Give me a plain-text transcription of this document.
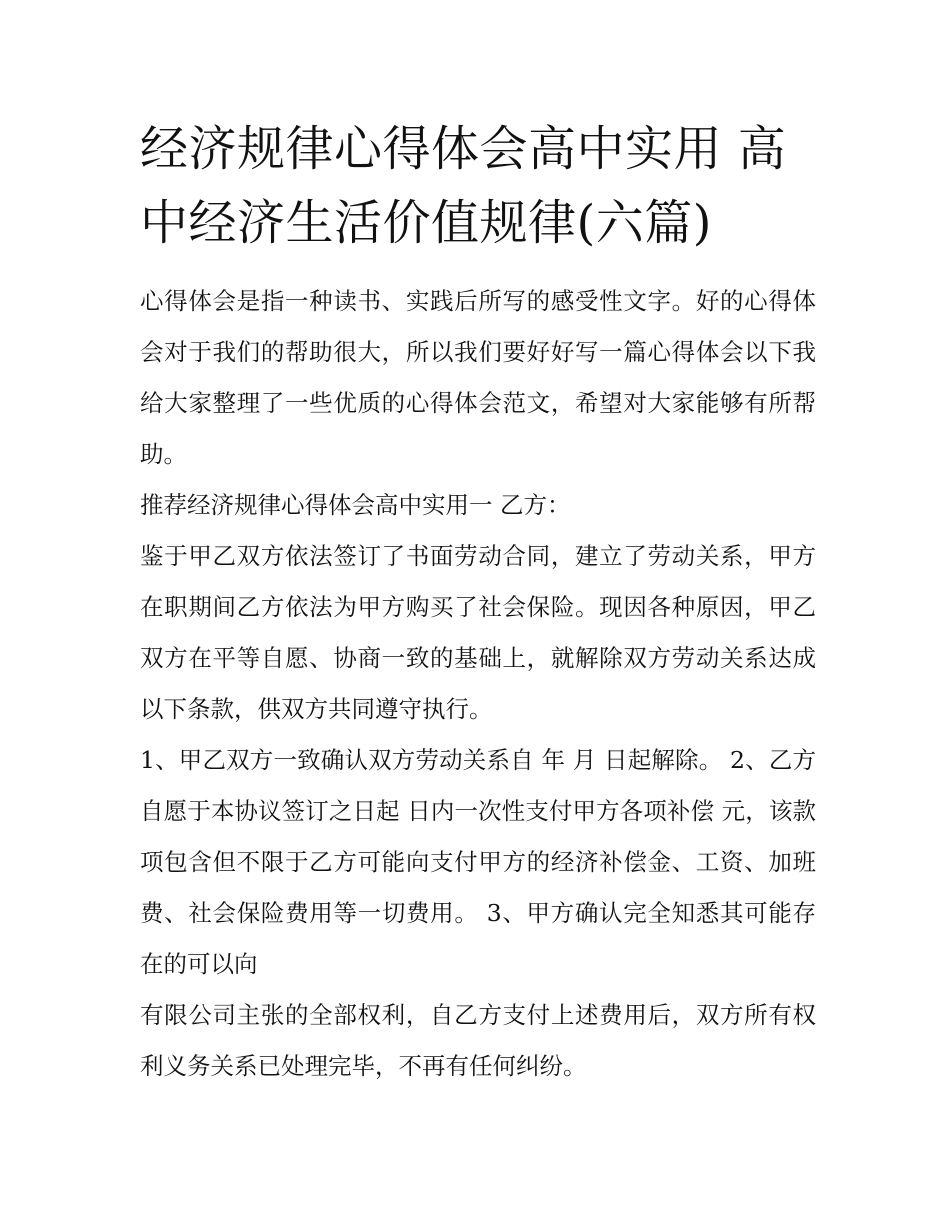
经济规律心得体会高中实用 高中经济生活价值规律(六篇)

心得体会是指一种读书、实践后所写的感受性文字。好的心得体会对于我们的帮助很大，所以我们要好好写一篇心得体会以下我给大家整理了一些优质的心得体会范文，希望对大家能够有所帮助。

推荐经济规律心得体会高中实用一 乙方：

鉴于甲乙双方依法签订了书面劳动合同，建立了劳动关系，甲方在职期间乙方依法为甲方购买了社会保险。现因各种原因，甲乙双方在平等自愿、协商一致的基础上，就解除双方劳动关系达成以下条款，供双方共同遵守执行。

1、甲乙双方一致确认双方劳动关系自 年 月 日起解除。 2、乙方自愿于本协议签订之日起 日内一次性支付甲方各项补偿 元，该款项包含但不限于乙方可能向支付甲方的经济补偿金、工资、加班费、社会保险费用等一切费用。 3、甲方确认完全知悉其可能存在的可以向

有限公司主张的全部权利，自乙方支付上述费用后，双方所有权利义务关系已处理完毕，不再有任何纠纷。
